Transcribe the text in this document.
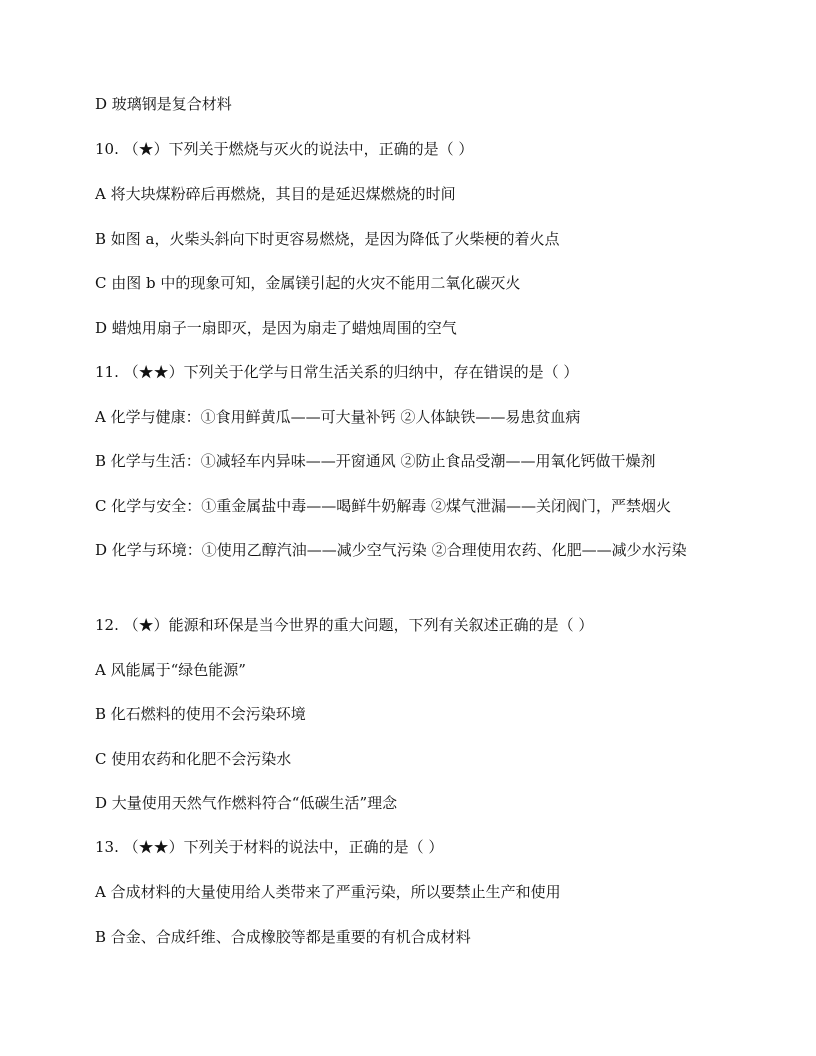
D 玻璃钢是复合材料
10. （★）下列关于燃烧与灭火的说法中，正确的是（ ）
A 将大块煤粉碎后再燃烧，其目的是延迟煤燃烧的时间
B 如图 a，火柴头斜向下时更容易燃烧，是因为降低了火柴梗的着火点
C 由图 b 中的现象可知，金属镁引起的火灾不能用二氧化碳灭火
D 蜡烛用扇子一扇即灭，是因为扇走了蜡烛周围的空气
11. （★★）下列关于化学与日常生活关系的归纳中，存在错误的是（ ）
A 化学与健康：①食用鲜黄瓜——可大量补钙 ②人体缺铁——易患贫血病
B 化学与生活：①减轻车内异味——开窗通风 ②防止食品受潮——用氧化钙做干燥剂
C 化学与安全：①重金属盐中毒——喝鲜牛奶解毒 ②煤气泄漏——关闭阀门，严禁烟火
D 化学与环境：①使用乙醇汽油——减少空气污染 ②合理使用农药、化肥——减少水污染
12. （★）能源和环保是当今世界的重大问题，下列有关叙述正确的是（ ）
A 风能属于“绿色能源”
B 化石燃料的使用不会污染环境
C 使用农药和化肥不会污染水
D 大量使用天然气作燃料符合“低碳生活”理念
13. （★★）下列关于材料的说法中，正确的是（ ）
A 合成材料的大量使用给人类带来了严重污染，所以要禁止生产和使用
B 合金、合成纤维、合成橡胶等都是重要的有机合成材料
